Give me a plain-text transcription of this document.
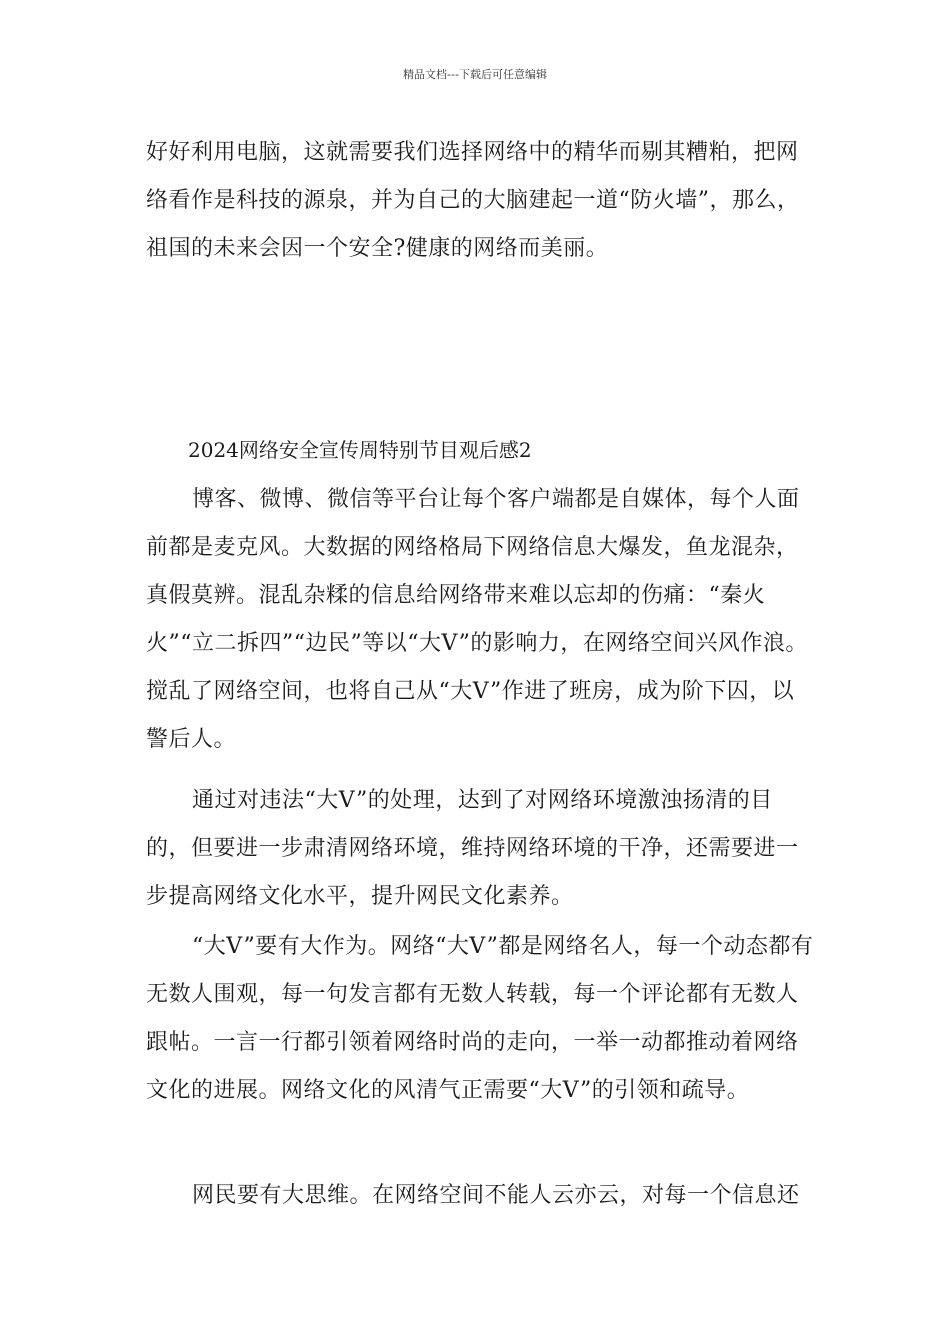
精品文档---下载后可任意编辑

好好利用电脑，这就需要我们选择网络中的精华而剔其糟粕，把网络看作是科技的源泉，并为自己的大脑建起一道“防火墙”，那么，祖国的未来会因一个安全?健康的网络而美丽。

2024网络安全宣传周特别节目观后感2

博客、微博、微信等平台让每个客户端都是自媒体，每个人面前都是麦克风。大数据的网络格局下网络信息大爆发，鱼龙混杂，真假莫辨。混乱杂糅的信息给网络带来难以忘却的伤痛：“秦火火”“立二拆四”“边民”等以“大V”的影响力，在网络空间兴风作浪。搅乱了网络空间，也将自己从“大V”作进了班房，成为阶下囚，以警后人。

通过对违法“大V”的处理，达到了对网络环境激浊扬清的目的，但要进一步肃清网络环境，维持网络环境的干净，还需要进一步提高网络文化水平，提升网民文化素养。

“大V”要有大作为。网络“大V”都是网络名人，每一个动态都有无数人围观，每一句发言都有无数人转载，每一个评论都有无数人跟帖。一言一行都引领着网络时尚的走向，一举一动都推动着网络文化的进展。网络文化的风清气正需要“大V”的引领和疏导。

网民要有大思维。在网络空间不能人云亦云，对每一个信息还
